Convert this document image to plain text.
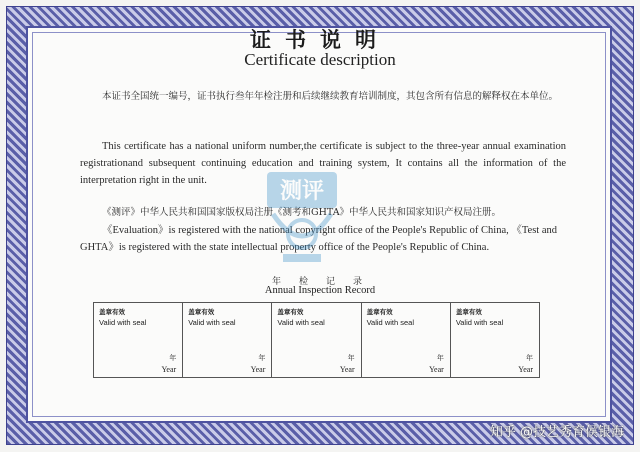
证书说明
Certificate description
本证书全国统一编号，证书执行叁年年检注册和后续继续教育培训制度，其包含所有信息的解释权在本单位。
This certificate has a national uniform number,the certificate is subject to the three-year annual examination registrationand subsequent continuing education and training system, It contains all the information of the interpretation right in the unit.
《测评》中华人民共和国国家版权局注册《测考和GHTA》中华人民共和国家知识产权局注册。
《Evaluation》is registered with the national copyright office of the People's Republic of China, 《Test and GHTA》is registered with the state intellectual property office of the People's Republic of China.
测评
年检记录
Annual Inspection Record
盖章有效
Valid with seal
年
Year
盖章有效
Valid with seal
年
Year
盖章有效
Valid with seal
年
Year
盖章有效
Valid with seal
年
Year
盖章有效
Valid with seal
年
Year
知乎 @技艺秀育侯银海
